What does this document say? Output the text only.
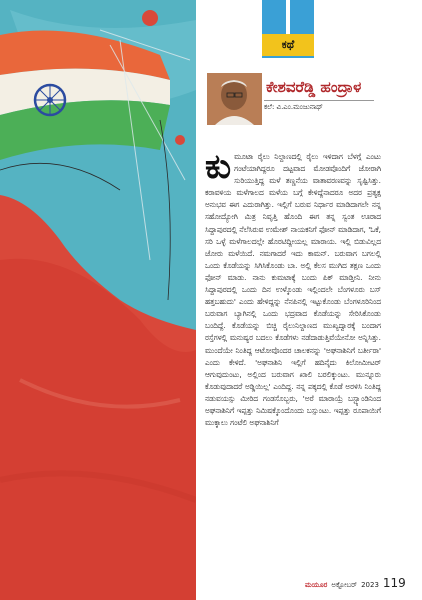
ಕಥೆ
ಕೇಶವರೆಡ್ಡಿ ಹಂದ್ರಾಳ
ಕಲೆ: ವಿ.ಎಂ.ಮಂಜುನಾಥ್
ಕುಮೂಟಾ ರೈಲು ನಿಲ್ದಾಣದಲ್ಲಿ ರೈಲು ಇಳಿದಾಗ ಬೆಳಗ್ಗೆ ಎಂಟು ಗಂಟೆಯಾಗಿದ್ದರೂ ದಟ್ಟವಾದ ಮೋಡವೊಂದಿಗೆ ಜೋರಾಗಿ ಸುರಿಯುತ್ತಿದ್ದ ಮಳೆ ತಣ್ಣನೆಯ ವಾತಾವರಣವನ್ನು ಸೃಷ್ಟಿಸಿತ್ತು. ಕರಾವಳಿಯ ಮಳೆಗಾಲದ ಮಳೆಯ ಬಗ್ಗೆ ಕೇಳಿದ್ದೆನಾದರೂ ಅದರ ಪ್ರತ್ಯಕ್ಷ ಅನುಭವ ಈಗ ಎದುರಾಗಿತ್ತು. ಇಲ್ಲಿಗೆ ಬರುವ ನಿರ್ಧಾರ ಮಾಡಿದಾಗಲೇ ನನ್ನ ಸಹೋದ್ಯೋಗಿ ಮಿತ್ರ ನಿವೃತ್ತಿ ಹೊಂದಿ ಈಗ ತನ್ನ ಸ್ವಂತ ಊರಾದ ಸಿದ್ದಾಪುರದಲ್ಲಿ ನೆಲೆಸಿರುವ ಉಮೇಶ್ ನಾಯಕನಿಗೆ ಫೋನ್ ಮಾಡಿದಾಗ, 'ಓಕೆ, ಸರಿ ಒಳ್ಳೆ ಮಳೆಗಾಲದಲ್ಲೇ ಹೊರಟಿದ್ದೀಯಲ್ಲ ಮಾರಾಯ. ಇಲ್ಲಿ ಬಿಡುವಿಲ್ಲದ ಜೋರು ಮಳೆಯಿದೆ. ನಮಗಾದರೆ ಇದು ಕಾಮನ್. ಬರುವಾಗ ಬಗಲಲ್ಲಿ ಒಂದು ಕೊಡೆಯನ್ನು ಸಿಗಿಸಿಕೊಂಡು ಬಾ. ಅಲ್ಲಿ ಕೆಲಸ ಮುಗಿದ ತಕ್ಷಣ ಒಂದು ಫೋನ್ ಮಾಡು. ನಾನು ಕುಮಟಾಕ್ಕೆ ಬಂದು ಪಿಕ್ ಮಾಡ್ತೀನಿ. ನೀನು ಸಿದ್ದಾಪುರದಲ್ಲಿ ಒಂದು ದಿನ ಉಳ್ಕೊಂಡು ಇಲ್ಲಿಂದಲೇ ಬೆಂಗಳೂರು ಬಸ್ ಹತ್ತಬಹುದು' ಎಂದು ಹೇಳಿದ್ದನ್ನು ನೆನಪಿನಲ್ಲಿ ಇಟ್ಟುಕೊಂಡು ಬೆಂಗಳೂರಿನಿಂದ ಬರುವಾಗ ಬ್ಯಾಗಿನಲ್ಲಿ ಒಂದು ಭದ್ರವಾದ ಕೊಡೆಯನ್ನು ಸೇರಿಸಿಕೊಂಡು ಬಂದಿದ್ದೆ. ಕೊಡೆಯನ್ನು ಬಿಚ್ಚಿ ರೈಲುನಿಲ್ದಾಣದ ಮುಖ್ಯದ್ವಾರಕ್ಕೆ ಬಂದಾಗ ರಸ್ತೆಗಳಲ್ಲಿ ಮನುಷ್ಯರ ಬದಲು ಕೊಡೆಗಳು ನಡೆದಾಡುತ್ತಿವೆಯೇನೋ ಅನ್ನಿಸಿತ್ತು. ಮುಂದೆಯೇ ನಿಂತಿದ್ದ ಆಟೋವೊಂದರ ಚಾಲಕನನ್ನು 'ಅಘನಾಶಿನಿಗೆ ಬರ್ತೀರಾ' ಎಂದು ಕೇಳಿದೆ. 'ಅಘನಾಶಿನಿ ಇಲ್ಲಿಗೆ ಹದಿನೈದು ಕಿಲೋಮೀಟರ್ ಆಗುವುದುಂಟು, ಅಲ್ಲಿಂದ ಬರುವಾಗ ಖಾಲಿ ಬರಲಿಕ್ಕುಂಟು. ಮುನ್ನೂರು ಕೊಡುವುದಾದರೆ ಅಡ್ಡಿಯಿಲ್ಲ' ಎಂದಿದ್ದ. ನನ್ನ ಪಕ್ಕದಲ್ಲಿ ಕೊಡೆ ಅರಳಿಸಿ ನಿಂತಿದ್ದ ನಡುವಯಸ್ಸು ಮೀರಿದ ಗಂಡಸೊಬ್ಬರು, 'ಅರೆ ಮಾರಾಯ್ರೆ ಬಸ್ಟ್ಯಾಂಡಿನಿಂದ ಅಘನಾಶಿನಿಗೆ ಇಪ್ಪತ್ತು ನಿಮಿಷಕ್ಕೊಂದೊಂದು ಬಸ್ಸುಂಟು. ಇಪ್ಪತ್ತು ರೂಪಾಯಿಗೆ ಮುಕ್ಕಾಲು ಗಂಟೆಲಿ ಅಘನಾಶಿನಿಗೆ
ಮಯೂರ ಅಕ್ಟೋಬರ್ 2023 119
